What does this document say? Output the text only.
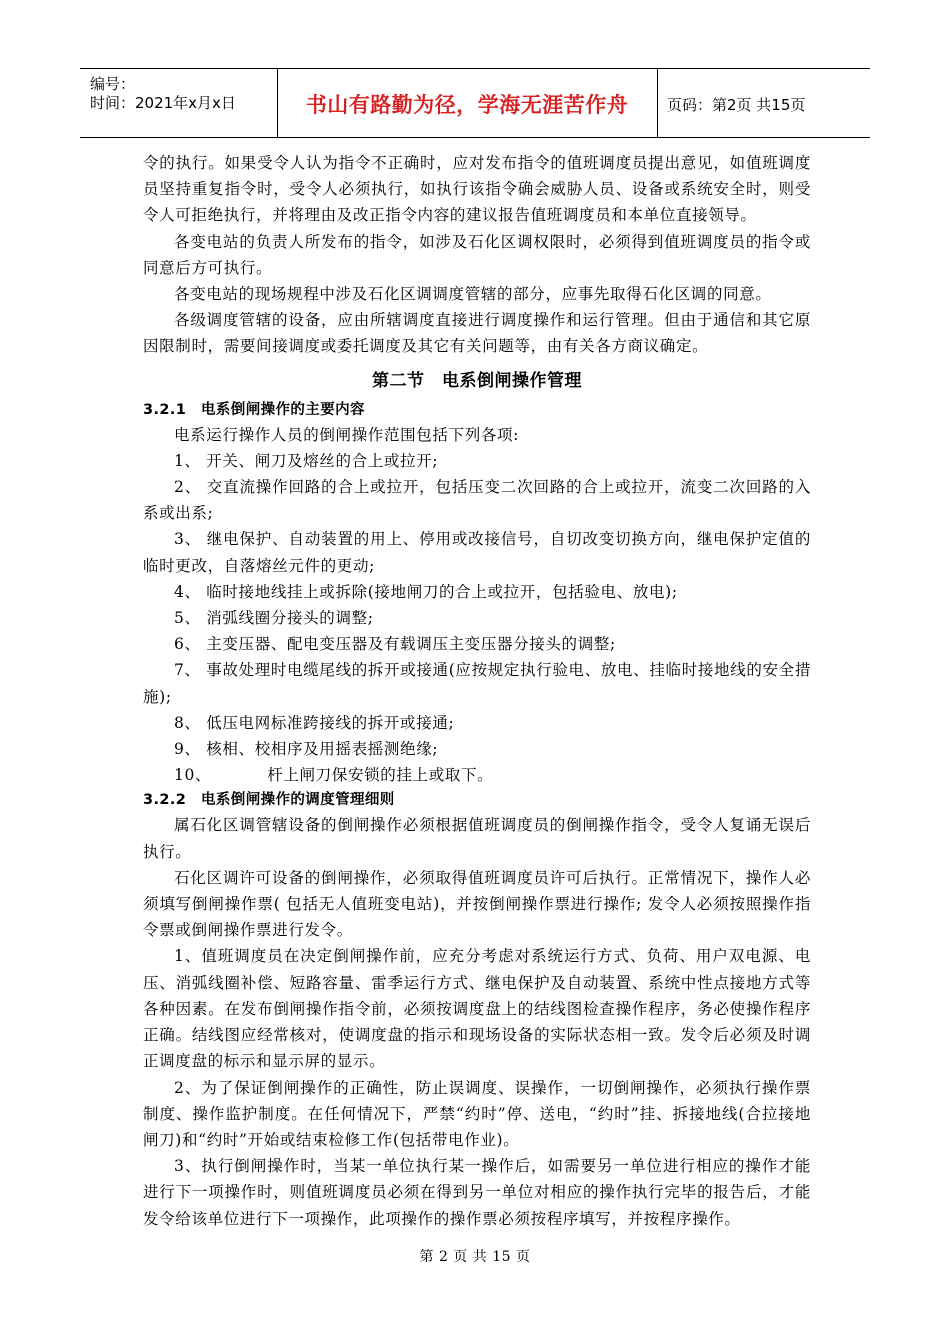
编号：
时间：2021年x月x日	书山有路勤为径，学海无涯苦作舟	页码：第2页 共15页

令的执行。如果受令人认为指令不正确时，应对发布指令的值班调度员提出意见，如值班调度员坚持重复指令时，受令人必须执行，如执行该指令确会威胁人员、设备或系统安全时，则受令人可拒绝执行，并将理由及改正指令内容的建议报告值班调度员和本单位直接领导。

各变电站的负责人所发布的指令，如涉及石化区调权限时，必须得到值班调度员的指令或同意后方可执行。

各变电站的现场规程中涉及石化区调调度管辖的部分，应事先取得石化区调的同意。

各级调度管辖的设备，应由所辖调度直接进行调度操作和运行管理。但由于通信和其它原因限制时，需要间接调度或委托调度及其它有关问题等，由有关各方商议确定。

第二节　电系倒闸操作管理
3.2.1 电系倒闸操作的主要内容

电系运行操作人员的倒闸操作范围包括下列各项:

1、 开关、闸刀及熔丝的合上或拉开;

2、 交直流操作回路的合上或拉开，包括压变二次回路的合上或拉开，流变二次回路的入系或出系;

3、 继电保护、自动装置的用上、停用或改接信号，自切改变切换方向，继电保护定值的临时更改，自落熔丝元件的更动;

4、 临时接地线挂上或拆除(接地闸刀的合上或拉开，包括验电、放电);

5、 消弧线圈分接头的调整;

6、 主变压器、配电变压器及有载调压主变压器分接头的调整;

7、 事故处理时电缆尾线的拆开或接通(应按规定执行验电、放电、挂临时接地线的安全措施);

8、 低压电网标准跨接线的拆开或接通;

9、 核相、校相序及用摇表摇测绝缘;

10、	杆上闸刀保安锁的挂上或取下。

3.2.2 电系倒闸操作的调度管理细则

属石化区调管辖设备的倒闸操作必须根据值班调度员的倒闸操作指令，受令人复诵无误后执行。

石化区调许可设备的倒闸操作，必须取得值班调度员许可后执行。正常情况下，操作人必须填写倒闸操作票( 包括无人值班变电站)，并按倒闸操作票进行操作; 发令人必须按照操作指令票或倒闸操作票进行发令。

1、值班调度员在决定倒闸操作前，应充分考虑对系统运行方式、负荷、用户双电源、电压、消弧线圈补偿、短路容量、雷季运行方式、继电保护及自动装置、系统中性点接地方式等各种因素。在发布倒闸操作指令前，必须按调度盘上的结线图检查操作程序，务必使操作程序正确。结线图应经常核对，使调度盘的指示和现场设备的实际状态相一致。发令后必须及时调正调度盘的标示和显示屏的显示。

2、为了保证倒闸操作的正确性，防止误调度、误操作，一切倒闸操作，必须执行操作票制度、操作监护制度。在任何情况下，严禁“约时”停、送电，“约时”挂、拆接地线(合拉接地闸刀)和“约时”开始或结束检修工作(包括带电作业)。

3、执行倒闸操作时，当某一单位执行某一操作后，如需要另一单位进行相应的操作才能进行下一项操作时，则值班调度员必须在得到另一单位对相应的操作执行完毕的报告后，才能发令给该单位进行下一项操作，此项操作的操作票必须按程序填写，并按程序操作。

第 2 页 共 15 页
